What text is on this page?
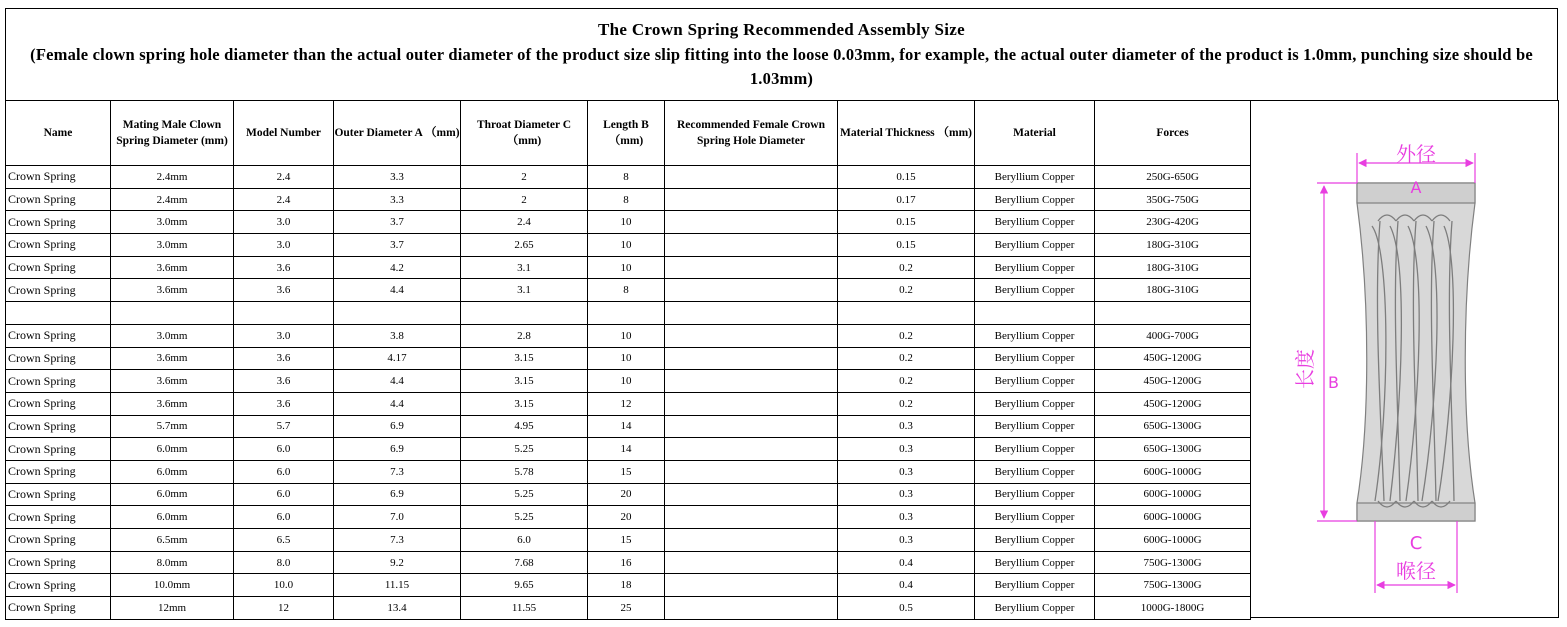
The Crown Spring Recommended Assembly Size
(Female clown spring hole diameter than the actual outer diameter of the product size slip fitting into the loose 0.03mm, for example, the actual outer diameter of the product is 1.0mm, punching size should be 1.03mm)
Name	Mating Male Clown Spring Diameter (mm)	Model Number	Outer Diameter A （mm)	Throat Diameter C （mm)	Length B （mm)	Recommended Female Crown Spring Hole Diameter	Material Thickness （mm)	Material	Forces
Crown Spring	2.4mm	2.4	3.3	2	8		0.15	Beryllium Copper	250G-650G
Crown Spring	2.4mm	2.4	3.3	2	8		0.17	Beryllium Copper	350G-750G
Crown Spring	3.0mm	3.0	3.7	2.4	10		0.15	Beryllium Copper	230G-420G
Crown Spring	3.0mm	3.0	3.7	2.65	10		0.15	Beryllium Copper	180G-310G
Crown Spring	3.6mm	3.6	4.2	3.1	10		0.2	Beryllium Copper	180G-310G
Crown Spring	3.6mm	3.6	4.4	3.1	8		0.2	Beryllium Copper	180G-310G

Crown Spring	3.0mm	3.0	3.8	2.8	10		0.2	Beryllium Copper	400G-700G
Crown Spring	3.6mm	3.6	4.17	3.15	10		0.2	Beryllium Copper	450G-1200G
Crown Spring	3.6mm	3.6	4.4	3.15	10		0.2	Beryllium Copper	450G-1200G
Crown Spring	3.6mm	3.6	4.4	3.15	12		0.2	Beryllium Copper	450G-1200G
Crown Spring	5.7mm	5.7	6.9	4.95	14		0.3	Beryllium Copper	650G-1300G
Crown Spring	6.0mm	6.0	6.9	5.25	14		0.3	Beryllium Copper	650G-1300G
Crown Spring	6.0mm	6.0	7.3	5.78	15		0.3	Beryllium Copper	600G-1000G
Crown Spring	6.0mm	6.0	6.9	5.25	20		0.3	Beryllium Copper	600G-1000G
Crown Spring	6.0mm	6.0	7.0	5.25	20		0.3	Beryllium Copper	600G-1000G
Crown Spring	6.5mm	6.5	7.3	6.0	15		0.3	Beryllium Copper	600G-1000G
Crown Spring	8.0mm	8.0	9.2	7.68	16		0.4	Beryllium Copper	750G-1300G
Crown Spring	10.0mm	10.0	11.15	9.65	18		0.4	Beryllium Copper	750G-1300G
Crown Spring	12mm	12	13.4	11.55	25		0.5	Beryllium Copper	1000G-1800G
外径
A
长度 B
C
喉径
